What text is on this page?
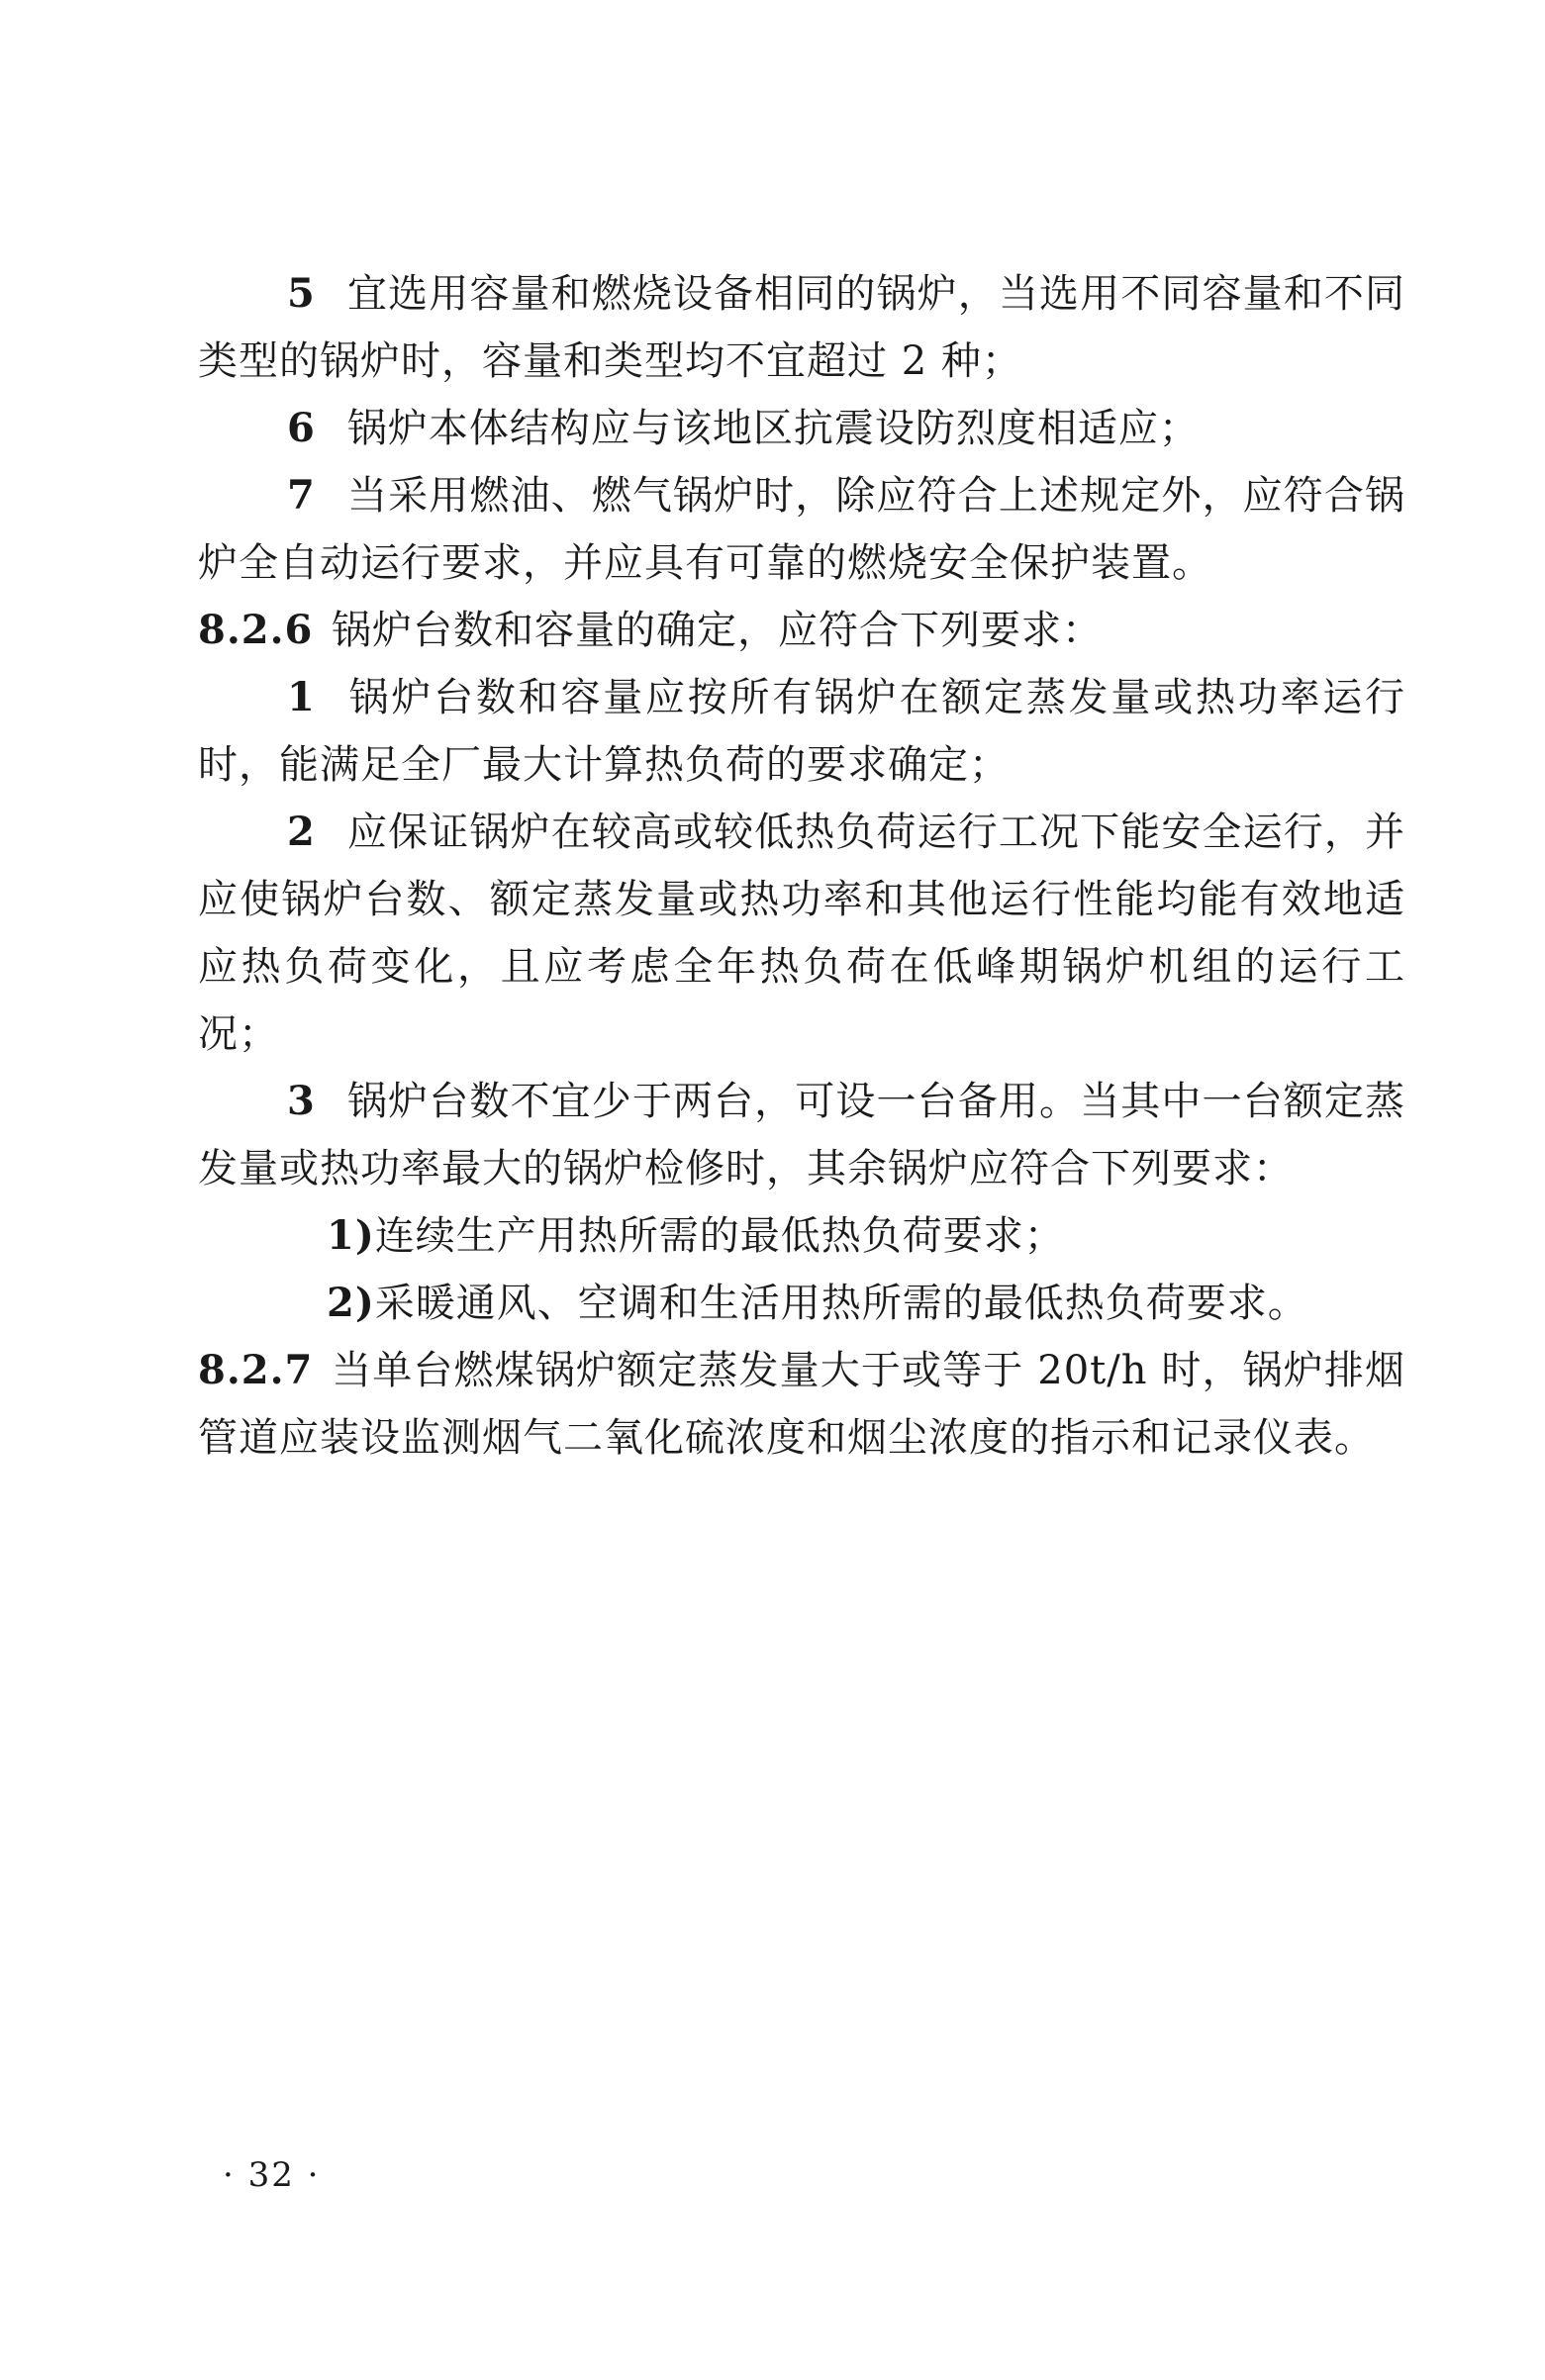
5 宜选用容量和燃烧设备相同的锅炉，当选用不同容量和不同类型的锅炉时，容量和类型均不宜超过 2 种；

6 锅炉本体结构应与该地区抗震设防烈度相适应；

7 当采用燃油、燃气锅炉时，除应符合上述规定外，应符合锅炉全自动运行要求，并应具有可靠的燃烧安全保护装置。

8.2.6 锅炉台数和容量的确定，应符合下列要求：

1 锅炉台数和容量应按所有锅炉在额定蒸发量或热功率运行时，能满足全厂最大计算热负荷的要求确定；

2 应保证锅炉在较高或较低热负荷运行工况下能安全运行，并应使锅炉台数、额定蒸发量或热功率和其他运行性能均能有效地适应热负荷变化，且应考虑全年热负荷在低峰期锅炉机组的运行工况；

3 锅炉台数不宜少于两台，可设一台备用。当其中一台额定蒸发量或热功率最大的锅炉检修时，其余锅炉应符合下列要求：

1)连续生产用热所需的最低热负荷要求；

2)采暖通风、空调和生活用热所需的最低热负荷要求。

8.2.7 当单台燃煤锅炉额定蒸发量大于或等于 20t/h 时，锅炉排烟管道应装设监测烟气二氧化硫浓度和烟尘浓度的指示和记录仪表。

· 32 ·
